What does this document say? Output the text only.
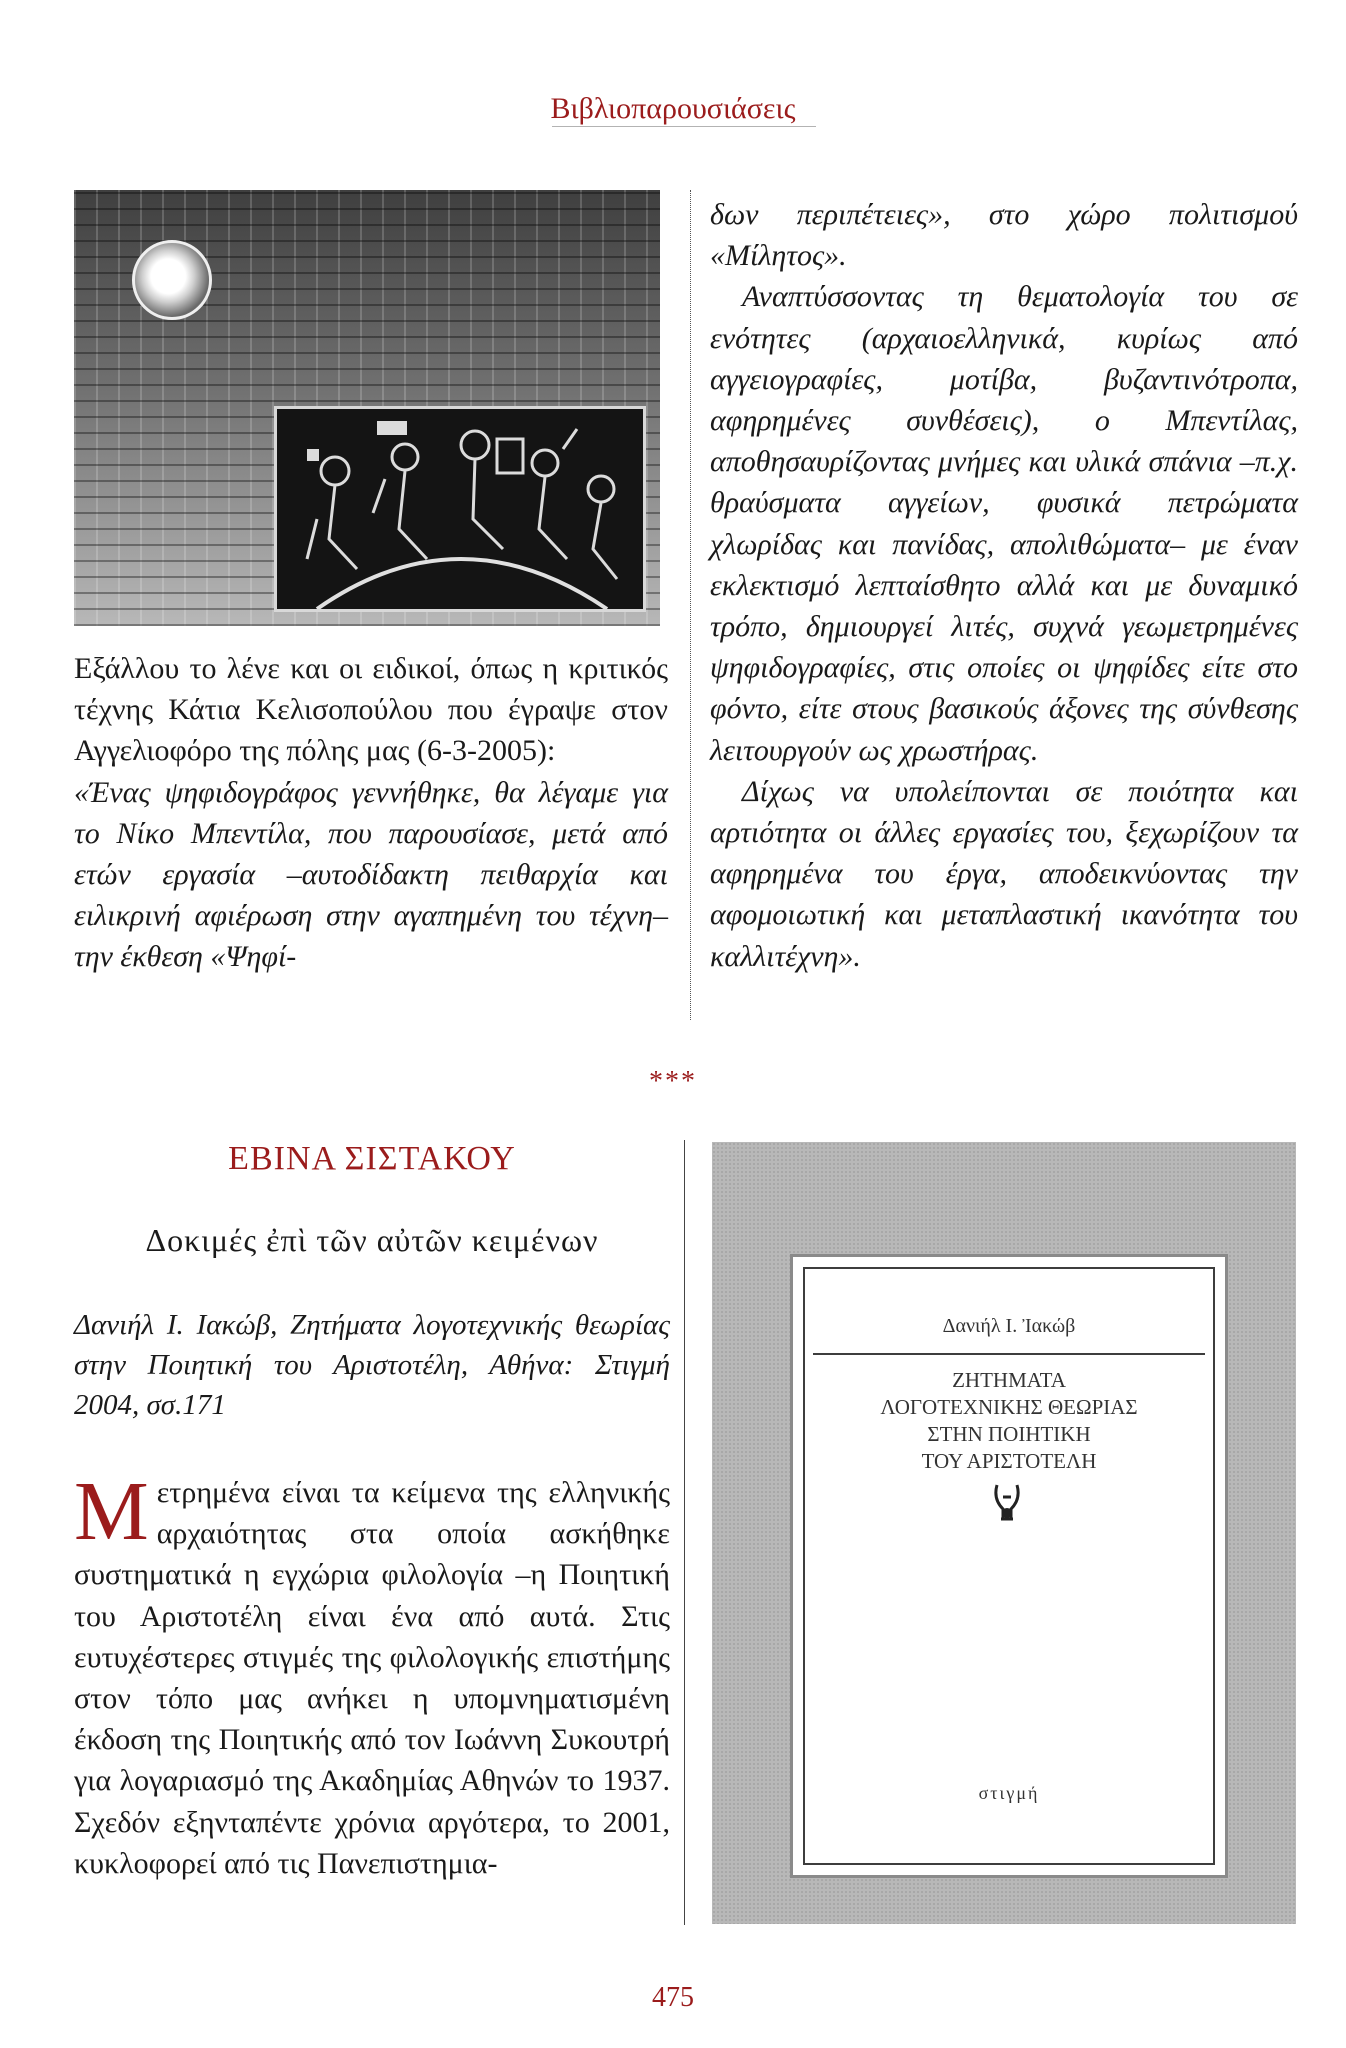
Βιβλιοπαρουσιάσεις

Εξάλλου το λένε και οι ειδικοί, όπως η κριτικός τέχνης Κάτια Κελισοπούλου που έγραψε στον Αγγελιοφόρο της πόλης μας (6-3-2005):

«Ένας ψηφιδογράφος γεννήθηκε, θα λέγαμε για το Νίκο Μπεντίλα, που παρουσίασε, μετά από ετών εργασία –αυτοδίδακτη πειθαρχία και ειλικρινή αφιέρωση στην αγαπημένη του τέχνη– την έκθεση «Ψηφί-

δων περιπέτειες», στο χώρο πολιτισμού «Μίλητος».

Αναπτύσσοντας τη θεματολογία του σε ενότητες (αρχαιοελληνικά, κυρίως από αγγειογραφίες, μοτίβα, βυζαντινότροπα, αφηρημένες συνθέσεις), ο Μπεντίλας, αποθησαυρίζοντας μνήμες και υλικά σπάνια –π.χ. θραύσματα αγγείων, φυσικά πετρώματα χλωρίδας και πανίδας, απολιθώματα– με έναν εκλεκτισμό λεπταίσθητο αλλά και με δυναμικό τρόπο, δημιουργεί λιτές, συχνά γεωμετρημένες ψηφιδογραφίες, στις οποίες οι ψηφίδες είτε στο φόντο, είτε στους βασικούς άξονες της σύνθεσης λειτουργούν ως χρωστήρας.

Δίχως να υπολείπονται σε ποιότητα και αρτιότητα οι άλλες εργασίες του, ξεχωρίζουν τα αφηρημένα του έργα, αποδεικνύοντας την αφομοιωτική και μεταπλαστική ικανότητα του καλλιτέχνη».

***
ΕΒΙΝΑ ΣΙΣΤΑΚΟΥ
Δοκιμές ἐπὶ τῶν αὐτῶν κειμένων

Δανιήλ Ι. Ιακώβ, Ζητήματα λογοτεχνικής θεωρίας στην Ποιητική του Αριστοτέλη, Αθήνα: Στιγμή 2004, σσ.171

Μετρημένα είναι τα κείμενα της ελληνικής αρχαιότητας στα οποία ασκήθηκε συστηματικά η εγχώρια φιλολογία –η Ποιητική του Αριστοτέλη είναι ένα από αυτά. Στις ευτυχέστερες στιγμές της φιλολογικής επιστήμης στον τόπο μας ανήκει η υπομνηματισμένη έκδοση της Ποιητικής από τον Ιωάννη Συκουτρή για λογαριασμό της Ακαδημίας Αθηνών το 1937. Σχεδόν εξηνταπέντε χρόνια αργότερα, το 2001, κυκλοφορεί από τις Πανεπιστημια-

Δανιήλ Ι. Ἰακώβ
ΖΗΤΗΜΑΤΑ
ΛΟΓΟΤΕΧΝΙΚΗΣ ΘΕΩΡΙΑΣ
ΣΤΗΝ ΠΟΙΗΤΙΚΗ
ΤΟΥ ΑΡΙΣΤΟΤΕΛΗ
στιγμή
475
